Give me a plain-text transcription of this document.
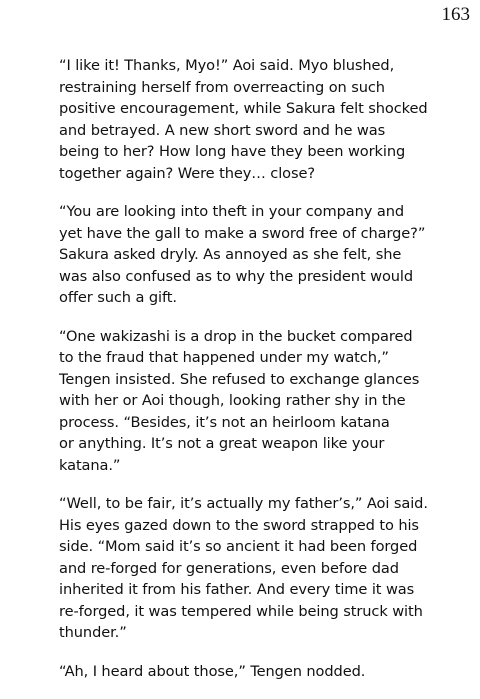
163

“I like it! Thanks, Myo!” Aoi said. Myo blushed,
restraining herself from overreacting on such
positive encouragement, while Sakura felt shocked
and betrayed. A new short sword and he was
being to her? How long have they been working
together again? Were they… close?

“You are looking into theft in your company and
yet have the gall to make a sword free of charge?”
Sakura asked dryly. As annoyed as she felt, she
was also confused as to why the president would
offer such a gift.

“One wakizashi is a drop in the bucket compared
to the fraud that happened under my watch,”
Tengen insisted. She refused to exchange glances
with her or Aoi though, looking rather shy in the
process. “Besides, it’s not an heirloom katana
or anything. It’s not a great weapon like your
katana.”

“Well, to be fair, it’s actually my father’s,” Aoi said.
His eyes gazed down to the sword strapped to his
side. “Mom said it’s so ancient it had been forged
and re-forged for generations, even before dad
inherited it from his father. And every time it was
re-forged, it was tempered while being struck with
thunder.”

“Ah, I heard about those,” Tengen nodded.
